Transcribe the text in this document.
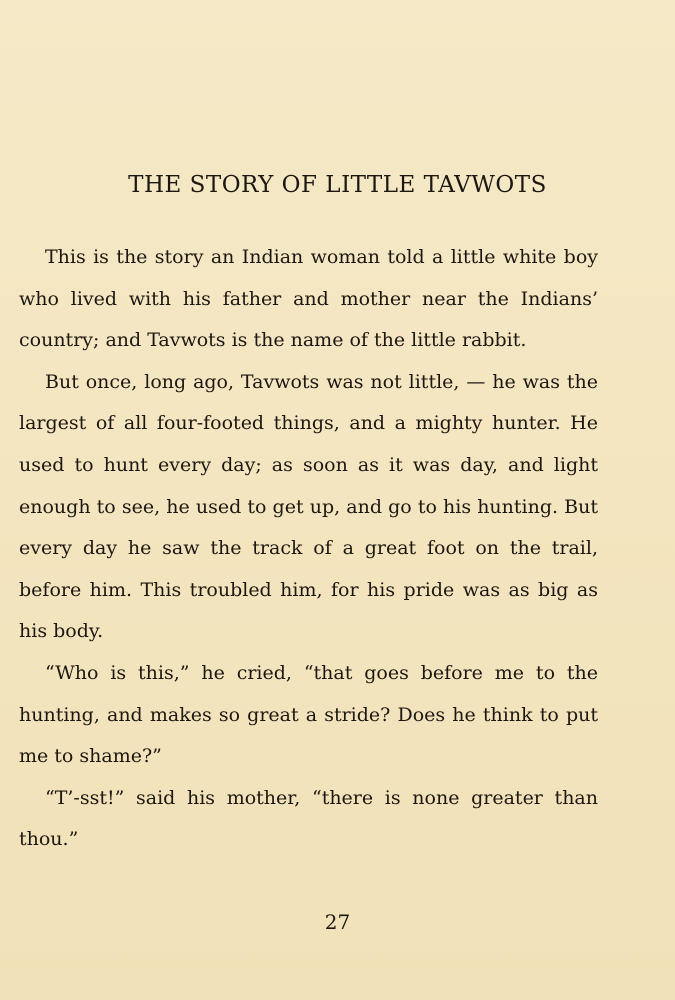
THE STORY OF LITTLE TAVWOTS

This is the story an Indian woman told a little white boy who lived with his father and mother near the Indians’ country; and Tavwots is the name of the little rabbit.

But once, long ago, Tavwots was not little, — he was the largest of all four-footed things, and a mighty hunter. He used to hunt every day; as soon as it was day, and light enough to see, he used to get up, and go to his hunting. But every day he saw the track of a great foot on the trail, before him. This troubled him, for his pride was as big as his body.

“Who is this,” he cried, “that goes before me to the hunting, and makes so great a stride? Does he think to put me to shame?”

“T’-sst!” said his mother, “there is none greater than thou.”

27
